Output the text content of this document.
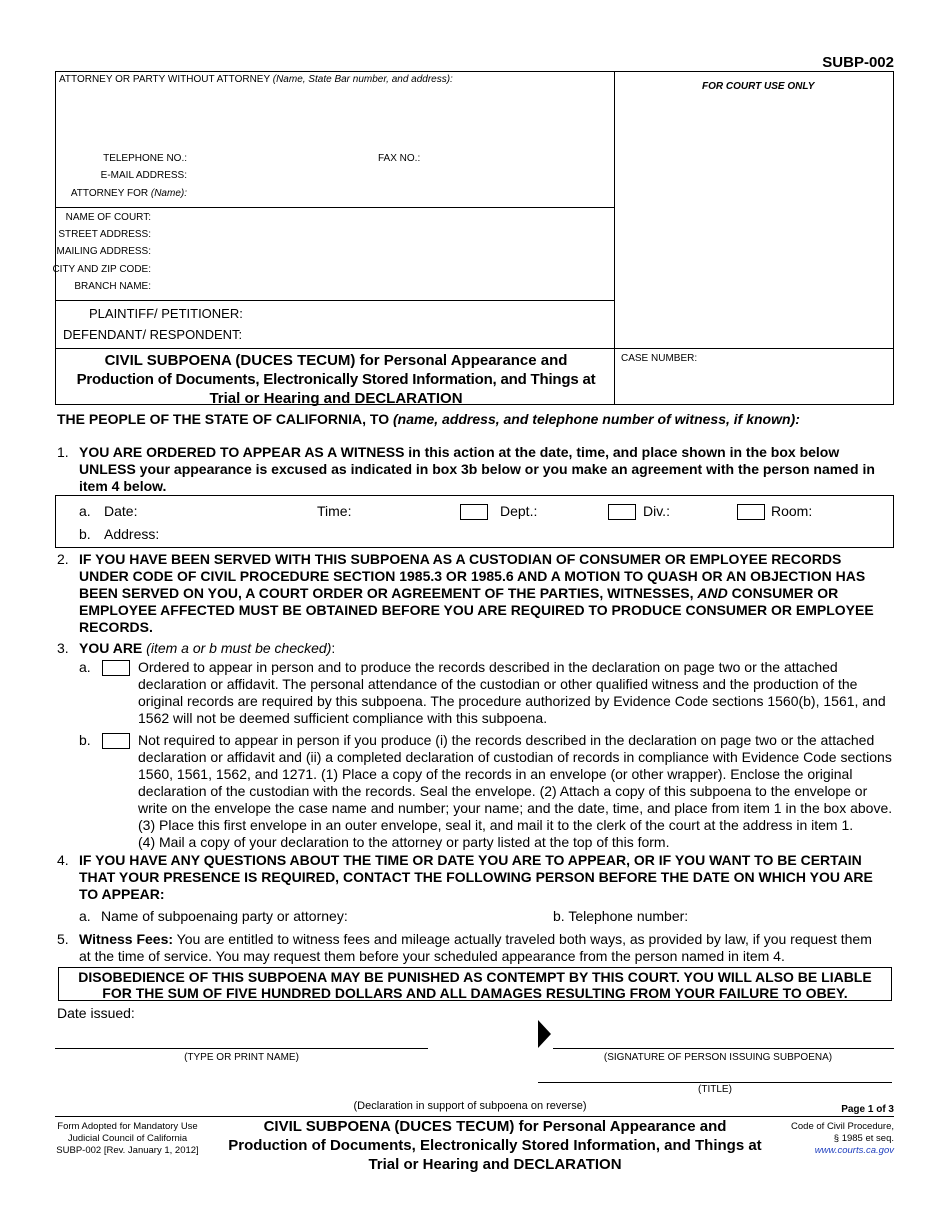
SUBP-002
ATTORNEY OR PARTY WITHOUT ATTORNEY (Name, State Bar number, and address):
FOR COURT USE ONLY
TELEPHONE NO.:	FAX NO.:
E-MAIL ADDRESS:
ATTORNEY FOR (Name):
NAME OF COURT:
STREET ADDRESS:
MAILING ADDRESS:
CITY AND ZIP CODE:
BRANCH NAME:
PLAINTIFF/ PETITIONER:
DEFENDANT/ RESPONDENT:
CIVIL SUBPOENA (DUCES TECUM) for Personal Appearance and
Production of Documents, Electronically Stored Information, and Things at
Trial or Hearing and DECLARATION
CASE NUMBER:
THE PEOPLE OF THE STATE OF CALIFORNIA, TO (name, address, and telephone number of witness, if known):
1. YOU ARE ORDERED TO APPEAR AS A WITNESS in this action at the date, time, and place shown in the box below
UNLESS your appearance is excused as indicated in box 3b below or you make an agreement with the person named in
item 4 below.
a. Date:	Time:	Dept.:	Div.:	Room:
b. Address:
2. IF YOU HAVE BEEN SERVED WITH THIS SUBPOENA AS A CUSTODIAN OF CONSUMER OR EMPLOYEE RECORDS
UNDER CODE OF CIVIL PROCEDURE SECTION 1985.3 OR 1985.6 AND A MOTION TO QUASH OR AN OBJECTION HAS
BEEN SERVED ON YOU, A COURT ORDER OR AGREEMENT OF THE PARTIES, WITNESSES, AND CONSUMER OR
EMPLOYEE AFFECTED MUST BE OBTAINED BEFORE YOU ARE REQUIRED TO PRODUCE CONSUMER OR EMPLOYEE
RECORDS.
3. YOU ARE (item a or b must be checked):
a.	Ordered to appear in person and to produce the records described in the declaration on page two or the attached
declaration or affidavit. The personal attendance of the custodian or other qualified witness and the production of the
original records are required by this subpoena. The procedure authorized by Evidence Code sections 1560(b), 1561, and
1562 will not be deemed sufficient compliance with this subpoena.
b.	Not required to appear in person if you produce (i) the records described in the declaration on page two or the attached
declaration or affidavit and (ii) a completed declaration of custodian of records in compliance with Evidence Code sections
1560, 1561, 1562, and 1271. (1) Place a copy of the records in an envelope (or other wrapper). Enclose the original
declaration of the custodian with the records. Seal the envelope. (2) Attach a copy of this subpoena to the envelope or
write on the envelope the case name and number; your name; and the date, time, and place from item 1 in the box above.
(3) Place this first envelope in an outer envelope, seal it, and mail it to the clerk of the court at the address in item 1.
(4) Mail a copy of your declaration to the attorney or party listed at the top of this form.
4. IF YOU HAVE ANY QUESTIONS ABOUT THE TIME OR DATE YOU ARE TO APPEAR, OR IF YOU WANT TO BE CERTAIN
THAT YOUR PRESENCE IS REQUIRED, CONTACT THE FOLLOWING PERSON BEFORE THE DATE ON WHICH YOU ARE
TO APPEAR:
a. Name of subpoenaing party or attorney:	b. Telephone number:
5. Witness Fees: You are entitled to witness fees and mileage actually traveled both ways, as provided by law, if you request them
at the time of service. You may request them before your scheduled appearance from the person named in item 4.
DISOBEDIENCE OF THIS SUBPOENA MAY BE PUNISHED AS CONTEMPT BY THIS COURT. YOU WILL ALSO BE LIABLE
FOR THE SUM OF FIVE HUNDRED DOLLARS AND ALL DAMAGES RESULTING FROM YOUR FAILURE TO OBEY.
Date issued:
(TYPE OR PRINT NAME)	(SIGNATURE OF PERSON ISSUING SUBPOENA)
(TITLE)
(Declaration in support of subpoena on reverse)	Page 1 of 3
Form Adopted for Mandatory Use
Judicial Council of California
SUBP-002 [Rev. January 1, 2012]
CIVIL SUBPOENA (DUCES TECUM) for Personal Appearance and
Production of Documents, Electronically Stored Information, and Things at
Trial or Hearing and DECLARATION
Code of Civil Procedure,
§ 1985 et seq.
www.courts.ca.gov
